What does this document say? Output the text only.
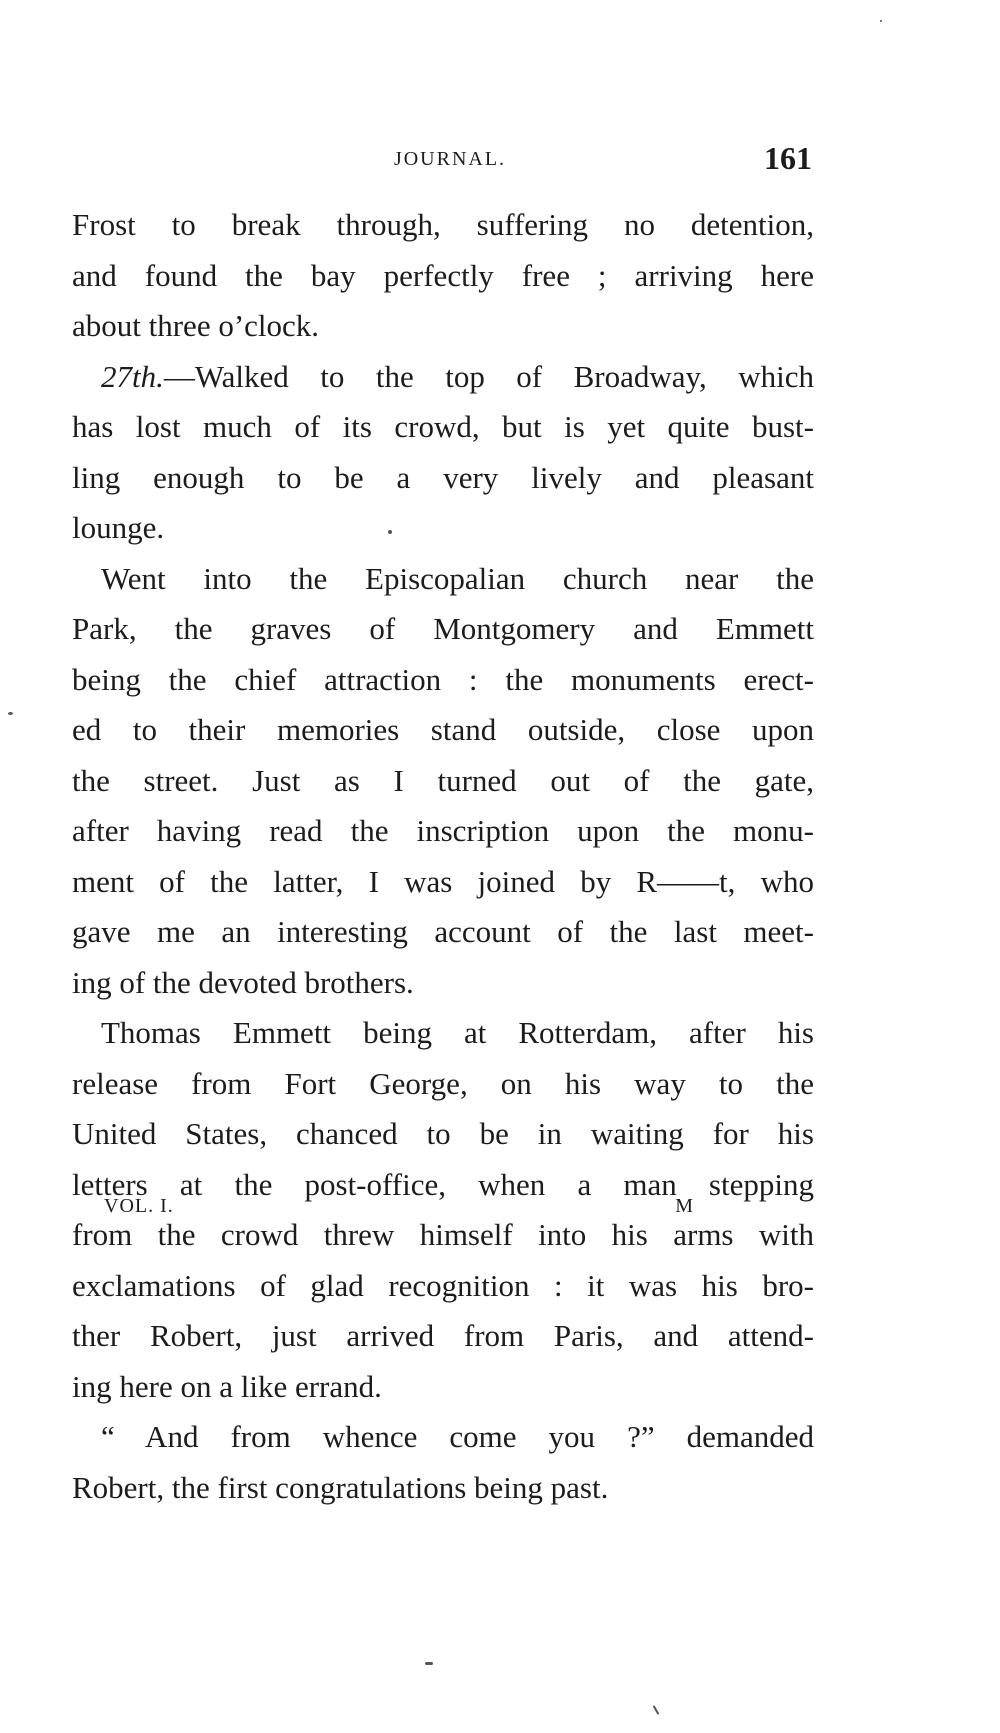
JOURNAL.	161
Frost to break through, suffering no detention,
and found the bay perfectly free ; arriving here
about three o’clock.
27th.—Walked to the top of Broadway, which
has lost much of its crowd, but is yet quite bust-
ling enough to be a very lively and pleasant
lounge.
Went into the Episcopalian church near the
Park, the graves of Montgomery and Emmett
being the chief attraction : the monuments erect-
ed to their memories stand outside, close upon
the street. Just as I turned out of the gate,
after having read the inscription upon the monu-
ment of the latter, I was joined by R——t, who
gave me an interesting account of the last meet-
ing of the devoted brothers.
Thomas Emmett being at Rotterdam, after his
release from Fort George, on his way to the
United States, chanced to be in waiting for his
letters at the post-office, when a man stepping
from the crowd threw himself into his arms with
exclamations of glad recognition : it was his bro-
ther Robert, just arrived from Paris, and attend-
ing here on a like errand.
“ And from whence come you ?” demanded
Robert, the first congratulations being past.
VOL. I.	M
